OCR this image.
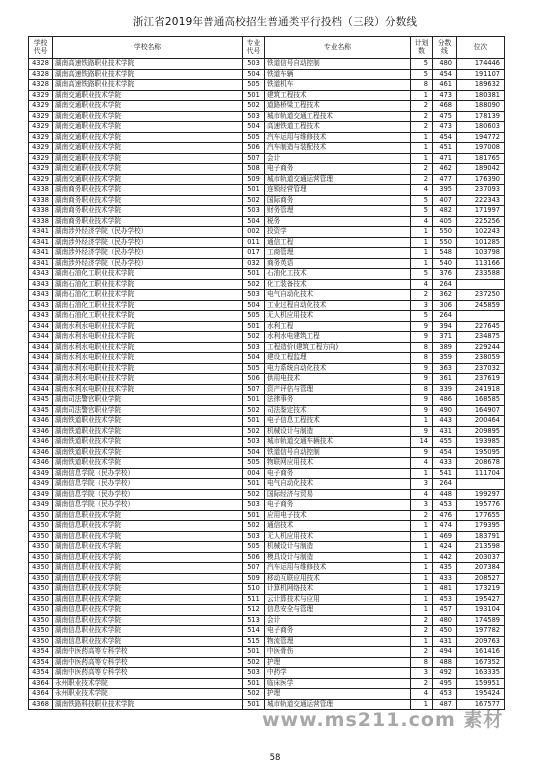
浙江省2019年普通高校招生普通类平行投档（三段）分数线
学校代号	学校名称	专业代号	专业名称	计划数	分数线	位次
4328	湖南高速铁路职业技术学院	503	铁道信号自动控制	5	480	174446
4328	湖南高速铁路职业技术学院	504	铁道车辆	5	454	191107
4328	湖南高速铁路职业技术学院	505	铁道机车	8	461	189632
4329	湖南交通职业技术学院	501	建筑工程技术	1	473	180381
4329	湖南交通职业技术学院	502	道路桥梁工程技术	2	468	188090
4329	湖南交通职业技术学院	503	城市轨道交通工程技术	2	475	178139
4329	湖南交通职业技术学院	504	高速铁道工程技术	2	473	180603
4329	湖南交通职业技术学院	505	汽车运用与维修技术	1	454	194772
4329	湖南交通职业技术学院	506	汽车制造与装配技术	1	451	197008
4329	湖南交通职业技术学院	507	会计	1	471	181765
4329	湖南交通职业技术学院	508	电子商务	2	462	189042
4329	湖南交通职业技术学院	509	城市轨道交通运营管理	2	477	176390
4338	湖南商务职业技术学院	501	连锁经营管理	4	395	237093
4338	湖南商务职业技术学院	502	国际商务	5	407	222343
4338	湖南商务职业技术学院	503	财务管理	5	482	171997
4338	湖南商务职业技术学院	504	税务	4	405	225256
4341	湖南涉外经济学院（民办学校）	002	投资学	1	550	102243
4341	湖南涉外经济学院（民办学校）	011	通信工程	1	550	101285
4341	湖南涉外经济学院（民办学校）	017	工商管理	1	548	103798
4341	湖南涉外经济学院（民办学校）	032	商务英语	1	540	113166
4343	湖南石油化工职业技术学院	501	石油化工技术	5	376	233588
4343	湖南石油化工职业技术学院	502	化工装备技术	4	264	
4343	湖南石油化工职业技术学院	503	电气自动化技术	2	362	237250
4343	湖南石油化工职业技术学院	504	工业过程自动化技术	3	306	245859
4343	湖南石油化工职业技术学院	505	无人机应用技术	5	264	
4344	湖南水利水电职业技术学院	501	水利工程	9	394	227645
4344	湖南水利水电职业技术学院	502	水利水电建筑工程	9	371	234875
4344	湖南水利水电职业技术学院	503	工程造价(建筑工程方向)	8	389	229244
4344	湖南水利水电职业技术学院	504	建设工程监理	8	359	238059
4344	湖南水利水电职业技术学院	505	电力系统自动化技术	9	363	237032
4344	湖南水利水电职业技术学院	506	供用电技术	9	361	237619
4344	湖南水利水电职业技术学院	507	资产评估与管理	8	339	241918
4345	湖南司法警官职业学院	501	法律事务	9	486	168585
4345	湖南司法警官职业学院	502	司法鉴定技术	9	490	164907
4346	湖南铁道职业技术学院	501	电子信息工程技术	1	443	200464
4346	湖南铁道职业技术学院	502	机械设计与制造	9	431	209895
4346	湖南铁道职业技术学院	503	城市轨道交通车辆技术	14	455	193985
4346	湖南铁道职业技术学院	504	铁道信号自动控制	9	454	195095
4346	湖南铁道职业技术学院	505	物联网应用技术	4	433	208678
4349	湖南信息学院（民办学校）	004	电子商务	1	541	111704
4349	湖南信息学院（民办学校）	501	电气自动化技术	3	264	
4349	湖南信息学院（民办学校）	502	国际经济与贸易	4	448	199297
4349	湖南信息学院（民办学校）	503	电子商务	3	453	195776
4350	湖南信息职业技术学院	501	应用电子技术	2	476	177655
4350	湖南信息职业技术学院	502	通信技术	1	474	179395
4350	湖南信息职业技术学院	503	无人机应用技术	1	469	183791
4350	湖南信息职业技术学院	505	机械设计与制造	1	424	213598
4350	湖南信息职业技术学院	506	模具设计与制造	1	442	203037
4350	湖南信息职业技术学院	507	汽车运用与维修技术	1	435	207384
4350	湖南信息职业技术学院	509	移动互联应用技术	1	433	208527
4350	湖南信息职业技术学院	510	计算机网络技术	1	481	173219
4350	湖南信息职业技术学院	511	云计算技术与应用	1	453	195427
4350	湖南信息职业技术学院	512	信息安全与管理	1	457	193104
4350	湖南信息职业技术学院	513	会计	2	480	174589
4350	湖南信息职业技术学院	514	电子商务	2	450	197782
4350	湖南信息职业技术学院	515	物流管理	1	431	209763
4354	湖南中医药高等专科学校	501	中医骨伤	2	494	161416
4354	湖南中医药高等专科学校	502	护理	8	488	167352
4354	湖南中医药高等专科学校	503	中药学	3	492	163335
4364	永州职业技术学院	501	临床医学	2	495	159951
4364	永州职业技术学院	502	护理	4	453	195424
4368	湖南铁路科技职业技术学院	501	城市轨道交通运营管理	1	487	167577
www.ms211.com 素材
58
